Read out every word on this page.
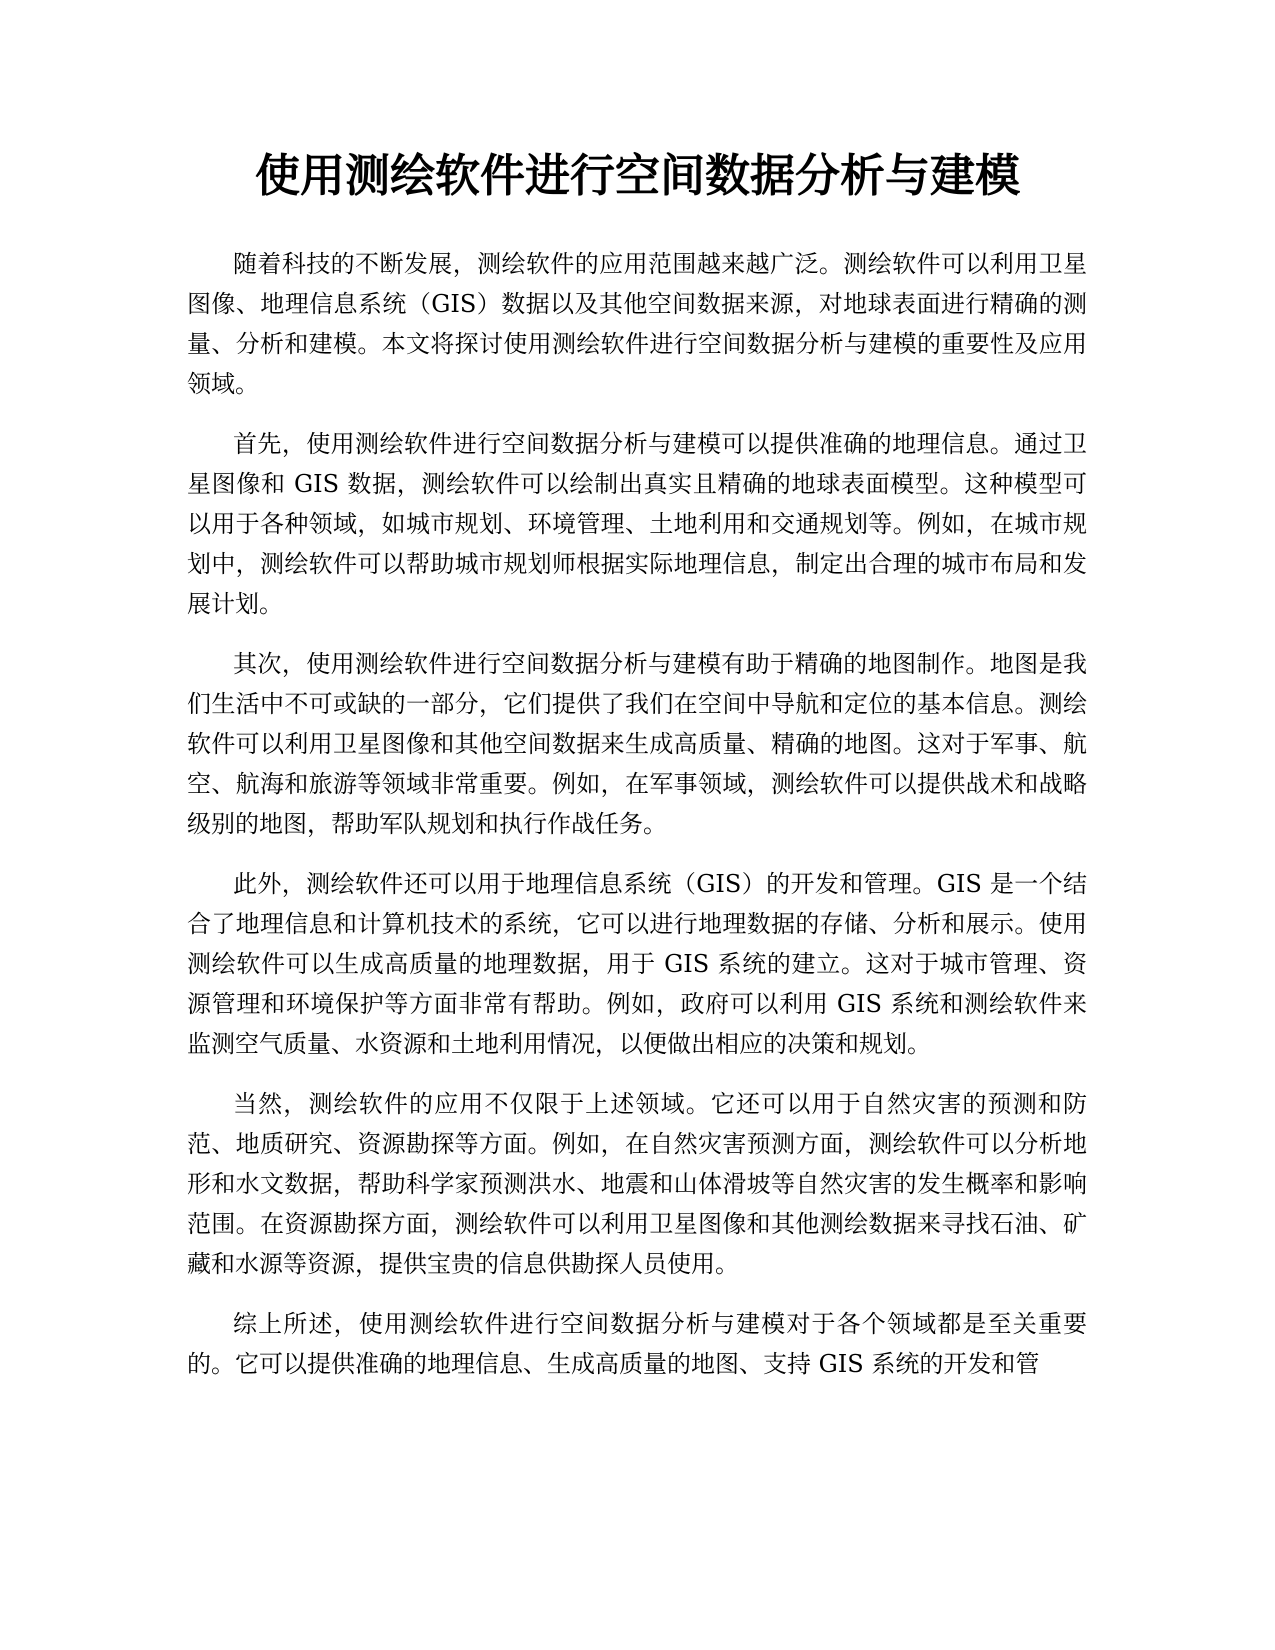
使用测绘软件进行空间数据分析与建模

随着科技的不断发展，测绘软件的应用范围越来越广泛。测绘软件可以利用卫星图像、地理信息系统（GIS）数据以及其他空间数据来源，对地球表面进行精确的测量、分析和建模。本文将探讨使用测绘软件进行空间数据分析与建模的重要性及应用领域。

首先，使用测绘软件进行空间数据分析与建模可以提供准确的地理信息。通过卫星图像和 GIS 数据，测绘软件可以绘制出真实且精确的地球表面模型。这种模型可以用于各种领域，如城市规划、环境管理、土地利用和交通规划等。例如，在城市规划中，测绘软件可以帮助城市规划师根据实际地理信息，制定出合理的城市布局和发展计划。

其次，使用测绘软件进行空间数据分析与建模有助于精确的地图制作。地图是我们生活中不可或缺的一部分，它们提供了我们在空间中导航和定位的基本信息。测绘软件可以利用卫星图像和其他空间数据来生成高质量、精确的地图。这对于军事、航空、航海和旅游等领域非常重要。例如，在军事领域，测绘软件可以提供战术和战略级别的地图，帮助军队规划和执行作战任务。

此外，测绘软件还可以用于地理信息系统（GIS）的开发和管理。GIS 是一个结合了地理信息和计算机技术的系统，它可以进行地理数据的存储、分析和展示。使用测绘软件可以生成高质量的地理数据，用于 GIS 系统的建立。这对于城市管理、资源管理和环境保护等方面非常有帮助。例如，政府可以利用 GIS 系统和测绘软件来监测空气质量、水资源和土地利用情况，以便做出相应的决策和规划。

当然，测绘软件的应用不仅限于上述领域。它还可以用于自然灾害的预测和防范、地质研究、资源勘探等方面。例如，在自然灾害预测方面，测绘软件可以分析地形和水文数据，帮助科学家预测洪水、地震和山体滑坡等自然灾害的发生概率和影响范围。在资源勘探方面，测绘软件可以利用卫星图像和其他测绘数据来寻找石油、矿藏和水源等资源，提供宝贵的信息供勘探人员使用。

综上所述，使用测绘软件进行空间数据分析与建模对于各个领域都是至关重要的。它可以提供准确的地理信息、生成高质量的地图、支持 GIS 系统的开发和管
